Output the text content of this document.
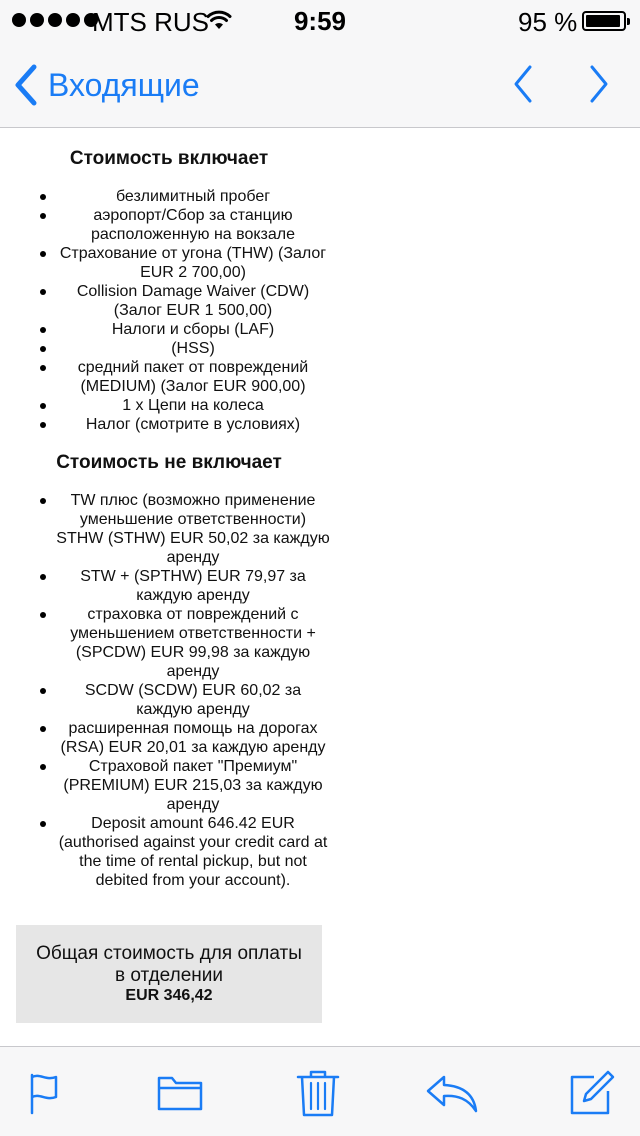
MTS RUS	9:59	95 %
Входящие
Стоимость включает
безлимитный пробег
аэропорт/Сбор за станцию расположенную на вокзале
Страхование от угона (THW) (Залог EUR 2 700,00)
Collision Damage Waiver (CDW) (Залог EUR 1 500,00)
Налоги и сборы (LAF)
(HSS)
средний пакет от повреждений (MEDIUM) (Залог EUR 900,00)
1 x Цепи на колеса
Налог (смотрите в условиях)
Стоимость не включает
TW плюс (возможно применение уменьшение ответственности) STHW (STHW) EUR 50,02 за каждую аренду
STW + (SPTHW) EUR 79,97 за каждую аренду
страховка от повреждений с уменьшением ответственности + (SPCDW) EUR 99,98 за каждую аренду
SCDW (SCDW) EUR 60,02 за каждую аренду
расширенная помощь на дорогах (RSA) EUR 20,01 за каждую аренду
Страховой пакет "Премиум" (PREMIUM) EUR 215,03 за каждую аренду
Deposit amount 646.42 EUR (authorised against your credit card at the time of rental pickup, but not debited from your account).
Общая стоимость для оплаты в отделении
EUR 346,42
